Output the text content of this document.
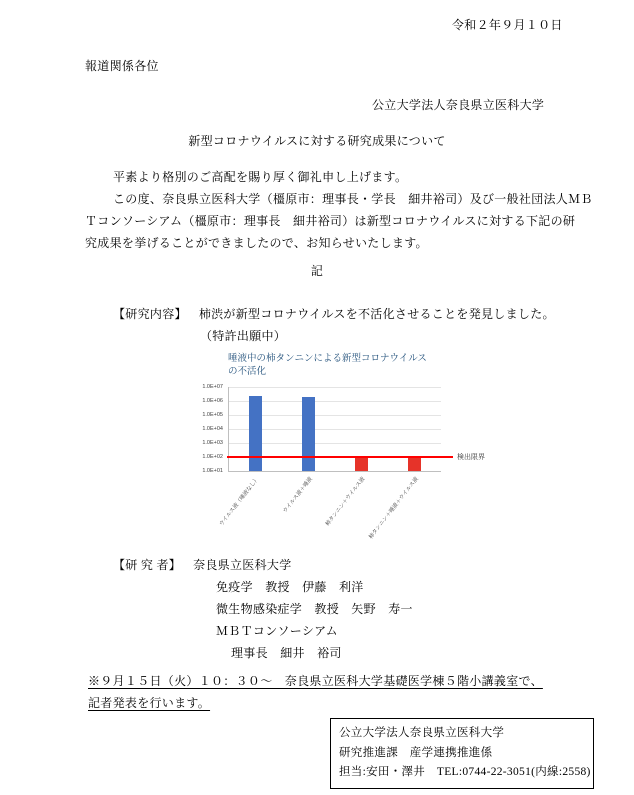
令和２年９月１０日
報道関係各位
公立大学法人奈良県立医科大学
新型コロナウイルスに対する研究成果について
平素より格別のご高配を賜り厚く御礼申し上げます。
この度、奈良県立医科大学（橿原市：理事長・学長　細井裕司）及び一般社団法人ＭＢ
Ｔコンソーシアム（橿原市：理事長　細井裕司）は新型コロナウイルスに対する下記の研
究成果を挙げることができましたので、お知らせいたします。
記
【研究内容】 柿渋が新型コロナウイルスを不活化させることを発見しました。
（特許出願中）
唾液中の柿タンニンによる新型コロナウイルス
の不活化
1.0E+07
1.0E+06
1.0E+05
1.0E+04
1.0E+03
1.0E+02
1.0E+01
検出限界
ウイルス液（唾液なし）	ウイルス液＋唾液 柿タンニン＋ウイルス液 柿タンニン＋唾液＋ウイルス液
【研 究 者】 奈良県立医科大学
免疫学　教授　伊藤　利洋
微生物感染症学　教授　矢野　寿一
ＭＢＴコンソーシアム
理事長　細井　裕司
※９月１５日（火）１０：３０～　奈良県立医科大学基礎医学棟５階小講義室で、
記者発表を行います。
公立大学法人奈良県立医科大学
研究推進課　産学連携推進係
担当:安田・澤井　TEL:0744-22-3051(内線:2558)
